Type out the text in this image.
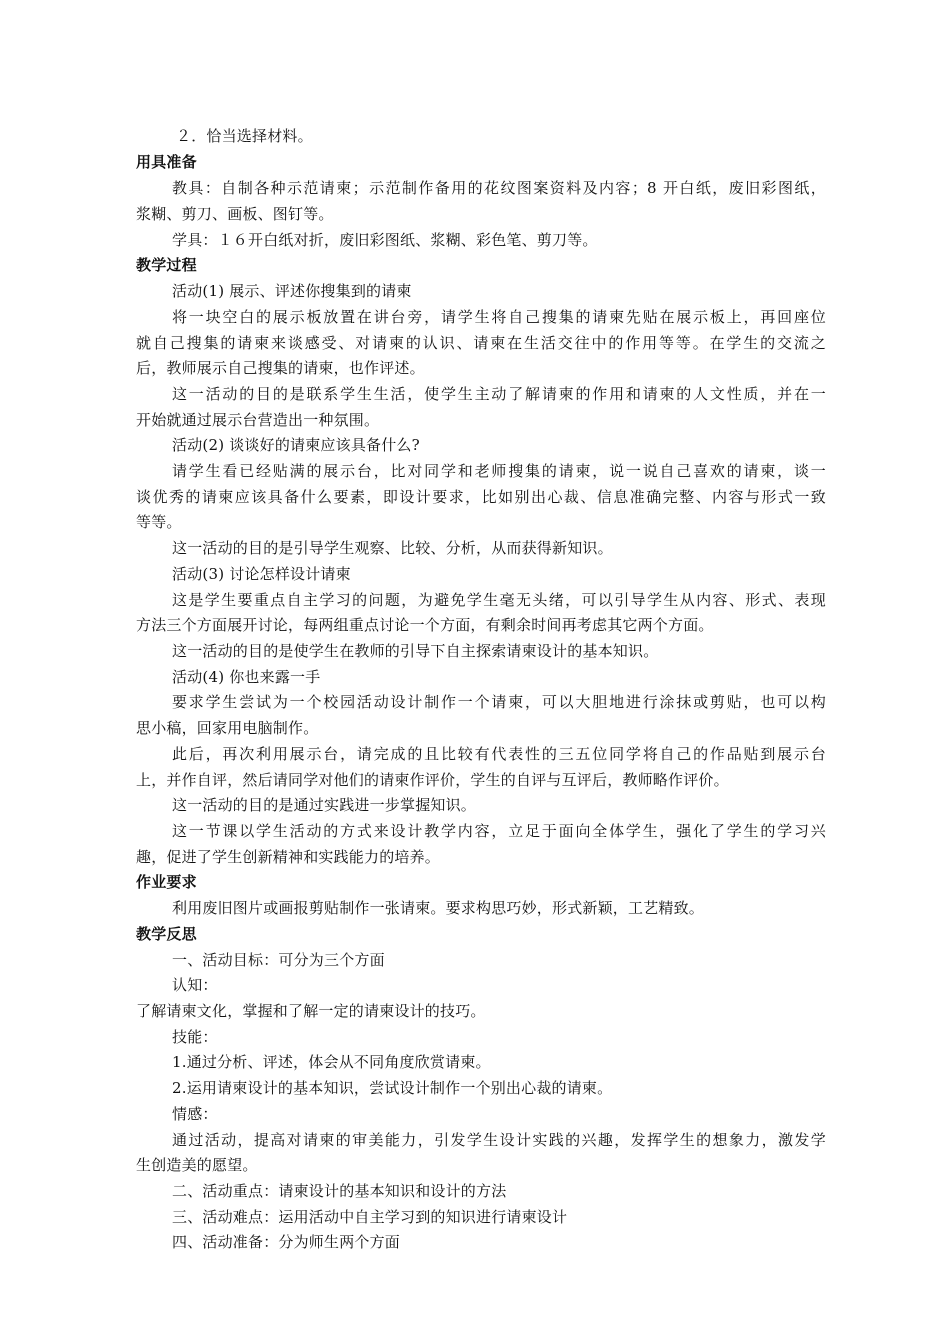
２．恰当选择材料。
用具准备
教具：自制各种示范请柬；示范制作备用的花纹图案资料及内容；8 开白纸，废旧彩图纸，
浆糊、剪刀、画板、图钉等。
学具：１６开白纸对折，废旧彩图纸、浆糊、彩色笔、剪刀等。
教学过程
活动(1) 展示、评述你搜集到的请柬
将一块空白的展示板放置在讲台旁，请学生将自己搜集的请柬先贴在展示板上，再回座位
就自己搜集的请柬来谈感受、对请柬的认识、请柬在生活交往中的作用等等。在学生的交流之
后，教师展示自己搜集的请柬，也作评述。
这一活动的目的是联系学生生活，使学生主动了解请柬的作用和请柬的人文性质，并在一
开始就通过展示台营造出一种氛围。
活动(2) 谈谈好的请柬应该具备什么?
请学生看已经贴满的展示台，比对同学和老师搜集的请柬，说一说自己喜欢的请柬，谈一
谈优秀的请柬应该具备什么要素，即设计要求，比如别出心裁、信息准确完整、内容与形式一致
等等。
这一活动的目的是引导学生观察、比较、分析，从而获得新知识。
活动(3) 讨论怎样设计请柬
这是学生要重点自主学习的问题，为避免学生毫无头绪，可以引导学生从内容、形式、表现
方法三个方面展开讨论，每两组重点讨论一个方面，有剩余时间再考虑其它两个方面。
这一活动的目的是使学生在教师的引导下自主探索请柬设计的基本知识。
活动(4) 你也来露一手
要求学生尝试为一个校园活动设计制作一个请柬，可以大胆地进行涂抹或剪贴，也可以构
思小稿，回家用电脑制作。
此后，再次利用展示台，请完成的且比较有代表性的三五位同学将自己的作品贴到展示台
上，并作自评，然后请同学对他们的请柬作评价，学生的自评与互评后，教师略作评价。
这一活动的目的是通过实践进一步掌握知识。
这一节课以学生活动的方式来设计教学内容，立足于面向全体学生，强化了学生的学习兴
趣，促进了学生创新精神和实践能力的培养。
作业要求
利用废旧图片或画报剪贴制作一张请柬。要求构思巧妙，形式新颖，工艺精致。
教学反思
一、活动目标：可分为三个方面
认知：
了解请柬文化，掌握和了解一定的请柬设计的技巧。
技能：
1.通过分析、评述，体会从不同角度欣赏请柬。
2.运用请柬设计的基本知识，尝试设计制作一个别出心裁的请柬。
情感：
通过活动，提高对请柬的审美能力，引发学生设计实践的兴趣，发挥学生的想象力，激发学
生创造美的愿望。
二、活动重点：请柬设计的基本知识和设计的方法
三、活动难点：运用活动中自主学习到的知识进行请柬设计
四、活动准备：分为师生两个方面
